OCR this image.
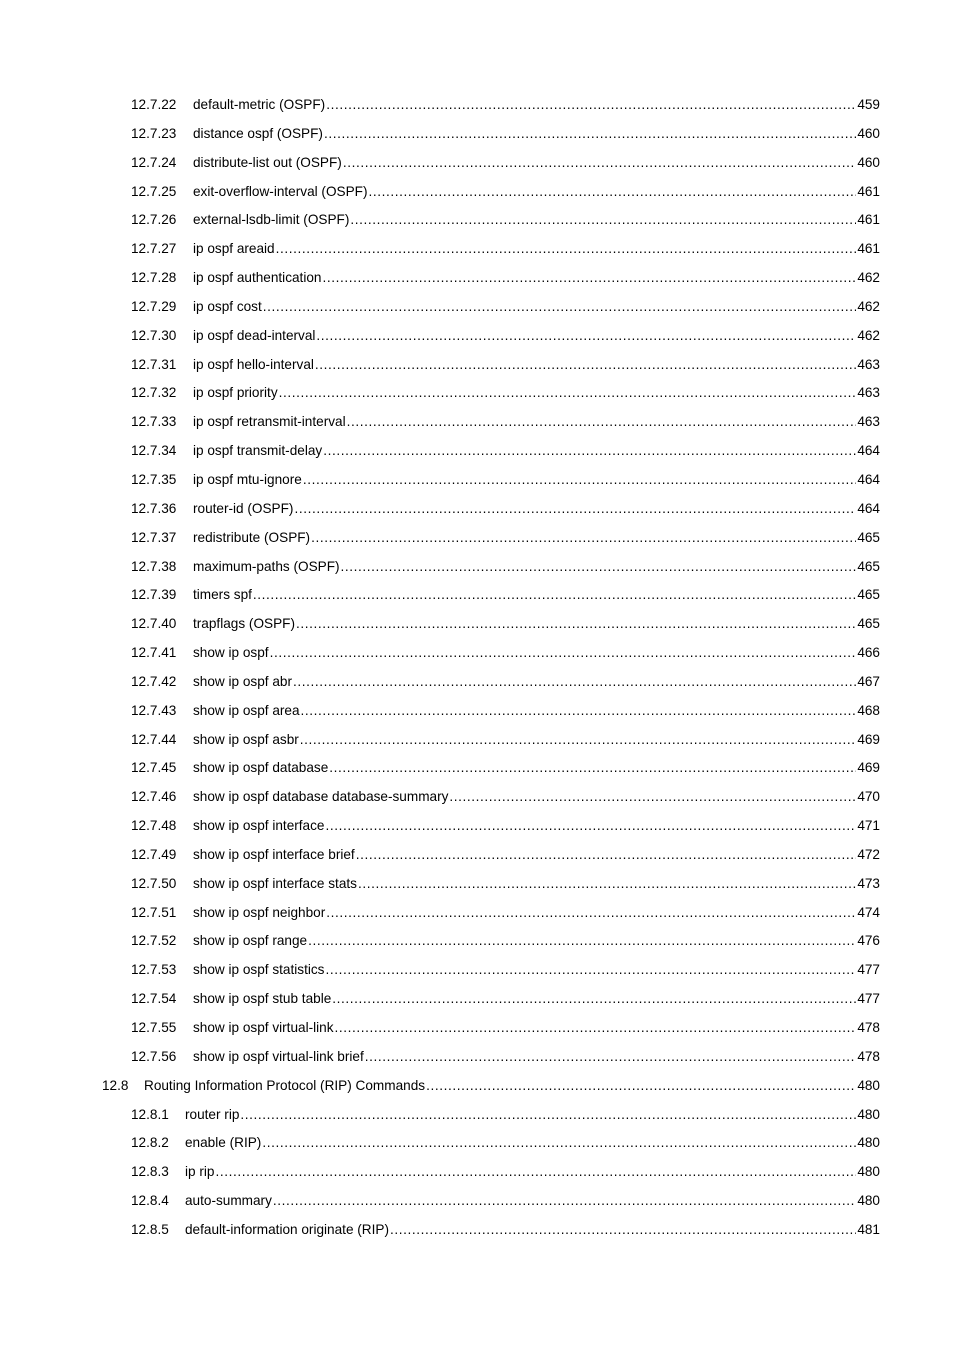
12.7.22 default-metric (OSPF) .....	459
12.7.23 distance ospf (OSPF) .....	460
12.7.24 distribute-list out (OSPF) .....	460
12.7.25 exit-overflow-interval (OSPF) .....	461
12.7.26 external-lsdb-limit (OSPF) .....	461
12.7.27 ip ospf areaid .....	461
12.7.28 ip ospf authentication .....	462
12.7.29 ip ospf cost .....	462
12.7.30 ip ospf dead-interval .....	462
12.7.31 ip ospf hello-interval .....	463
12.7.32 ip ospf priority .....	463
12.7.33 ip ospf retransmit-interval .....	463
12.7.34 ip ospf transmit-delay .....	464
12.7.35 ip ospf mtu-ignore .....	464
12.7.36 router-id (OSPF) .....	464
12.7.37 redistribute (OSPF) .....	465
12.7.38 maximum-paths (OSPF) .....	465
12.7.39 timers spf .....	465
12.7.40 trapflags (OSPF) .....	465
12.7.41 show ip ospf .....	466
12.7.42 show ip ospf abr .....	467
12.7.43 show ip ospf area .....	468
12.7.44 show ip ospf asbr .....	469
12.7.45 show ip ospf database .....	469
12.7.46 show ip ospf database database-summary .....	470
12.7.48 show ip ospf interface .....	471
12.7.49 show ip ospf interface brief .....	472
12.7.50 show ip ospf interface stats .....	473
12.7.51 show ip ospf neighbor .....	474
12.7.52 show ip ospf range .....	476
12.7.53 show ip ospf statistics .....	477
12.7.54 show ip ospf stub table .....	477
12.7.55 show ip ospf virtual-link .....	478
12.7.56 show ip ospf virtual-link brief .....	478
12.8 Routing Information Protocol (RIP) Commands .....	480
12.8.1 router rip .....	480
12.8.2 enable (RIP) .....	480
12.8.3 ip rip .....	480
12.8.4 auto-summary .....	480
12.8.5 default-information originate (RIP) .....	481
